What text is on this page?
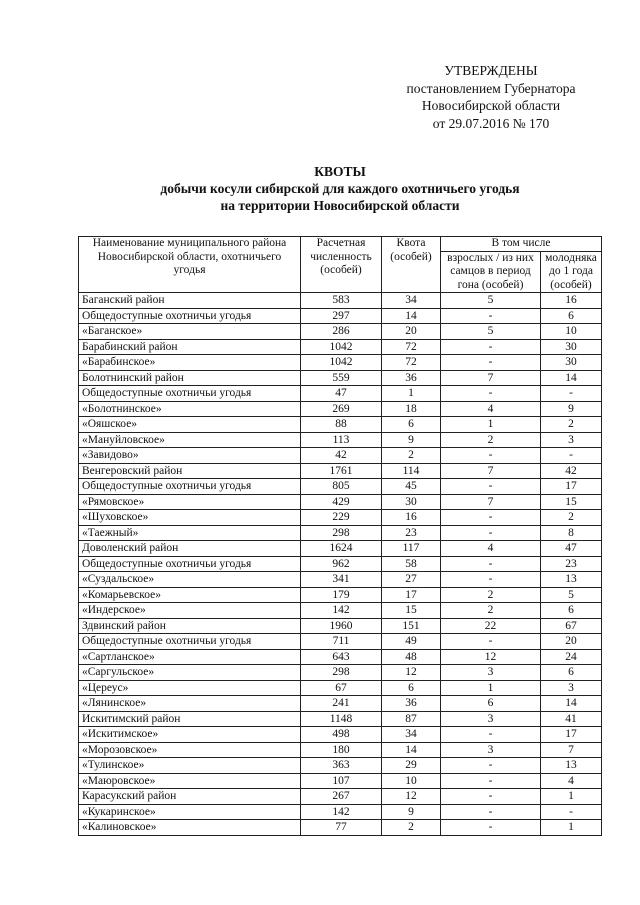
УТВЕРЖДЕНЫ
постановлением Губернатора
Новосибирской области
от 29.07.2016 № 170
КВОТЫ
добычи косули сибирской для каждого охотничьего угодья
на территории Новосибирской области
Наименование муниципального района Новосибирской области, охотничьего угодья	Расчетная численность (особей)	Квота (особей)	В том числе	
			взрослых / из них самцов в период гона (особей)	молодняка до 1 года (особей)
Баганский район	583	34	5	16
Общедоступные охотничьи угодья	297	14	-	6
«Баганское»	286	20	5	10
Барабинский район	1042	72	-	30
«Барабинское»	1042	72	-	30
Болотнинский район	559	36	7	14
Общедоступные охотничьи угодья	47	1	-	-
«Болотнинское»	269	18	4	9
«Ояшское»	88	6	1	2
«Мануйловское»	113	9	2	3
«Завидово»	42	2	-	-
Венгеровский район	1761	114	7	42
Общедоступные охотничьи угодья	805	45	-	17
«Рямовское»	429	30	7	15
«Шуховское»	229	16	-	2
«Таежный»	298	23	-	8
Доволенский район	1624	117	4	47
Общедоступные охотничьи угодья	962	58	-	23
«Суздальское»	341	27	-	13
«Комарьевское»	179	17	2	5
«Индерское»	142	15	2	6
Здвинский район	1960	151	22	67
Общедоступные охотничьи угодья	711	49	-	20
«Сартланское»	643	48	12	24
«Саргульское»	298	12	3	6
«Цереус»	67	6	1	3
«Лянинское»	241	36	6	14
Искитимский район	1148	87	3	41
«Искитимское»	498	34	-	17
«Морозовское»	180	14	3	7
«Тулинское»	363	29	-	13
«Маюровское»	107	10	-	4
Карасукский район	267	12	-	1
«Кукаринское»	142	9	-	-
«Калиновское»	77	2	-	1
